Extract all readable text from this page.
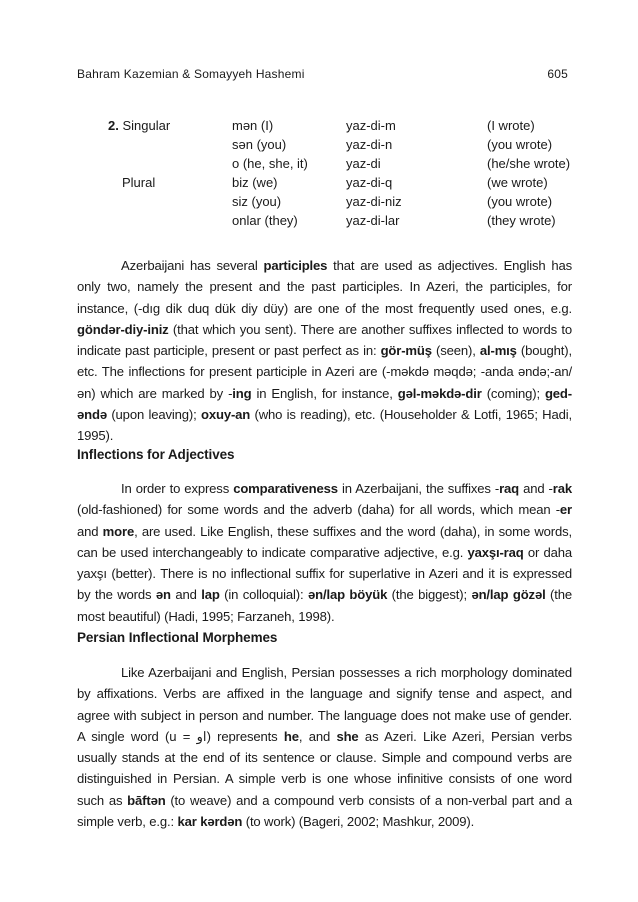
Bahram Kazemian & Somayyeh Hashemi	605
2. Singular	mən (I)	yaz-di-m	(I wrote)
	sən (you)	yaz-di-n	(you wrote)
	o (he, she, it)	yaz-di	(he/she wrote)
Plural	biz (we)	yaz-di-q	(we wrote)
	siz (you)	yaz-di-niz	(you wrote)
	onlar (they)	yaz-di-lar	(they wrote)

Azerbaijani has several participles that are used as adjectives. English has only two, namely the present and the past participles. In Azeri, the participles, for instance, (-dıg dik duq dük diy düy) are one of the most frequently used ones, e.g. göndər-diy-iniz (that which you sent). There are another suffixes inflected to words to indicate past participle, present or past perfect as in: gör-müş (seen), al-mış (bought), etc. The inflections for present participle in Azeri are (-məkdə məqdə; -anda əndə;-an/ən) which are marked by -ing in English, for instance, gəl-məkdə-dir (coming); ged-əndə (upon leaving); oxuy-an (who is reading), etc. (Householder & Lotfi, 1965; Hadi, 1995).

Inflections for Adjectives

In order to express comparativeness in Azerbaijani, the suffixes -raq and -rak (old-fashioned) for some words and the adverb (daha) for all words, which mean -er and more, are used. Like English, these suffixes and the word (daha), in some words, can be used interchangeably to indicate comparative adjective, e.g. yaxşı-raq or daha yaxşı (better). There is no inflectional suffix for superlative in Azeri and it is expressed by the words ən and lap (in colloquial): ən/lap böyük (the biggest); ən/lap gözəl (the most beautiful) (Hadi, 1995; Farzaneh, 1998).

Persian Inflectional Morphemes

Like Azerbaijani and English, Persian possesses a rich morphology dominated by affixations. Verbs are affixed in the language and signify tense and aspect, and agree with subject in person and number. The language does not make use of gender. A single word (u = او) represents he, and she as Azeri. Like Azeri, Persian verbs usually stands at the end of its sentence or clause. Simple and compound verbs are distinguished in Persian. A simple verb is one whose infinitive consists of one word such as bāftən (to weave) and a compound verb consists of a non-verbal part and a simple verb, e.g.: kar kərdən (to work) (Bageri, 2002; Mashkur, 2009).
